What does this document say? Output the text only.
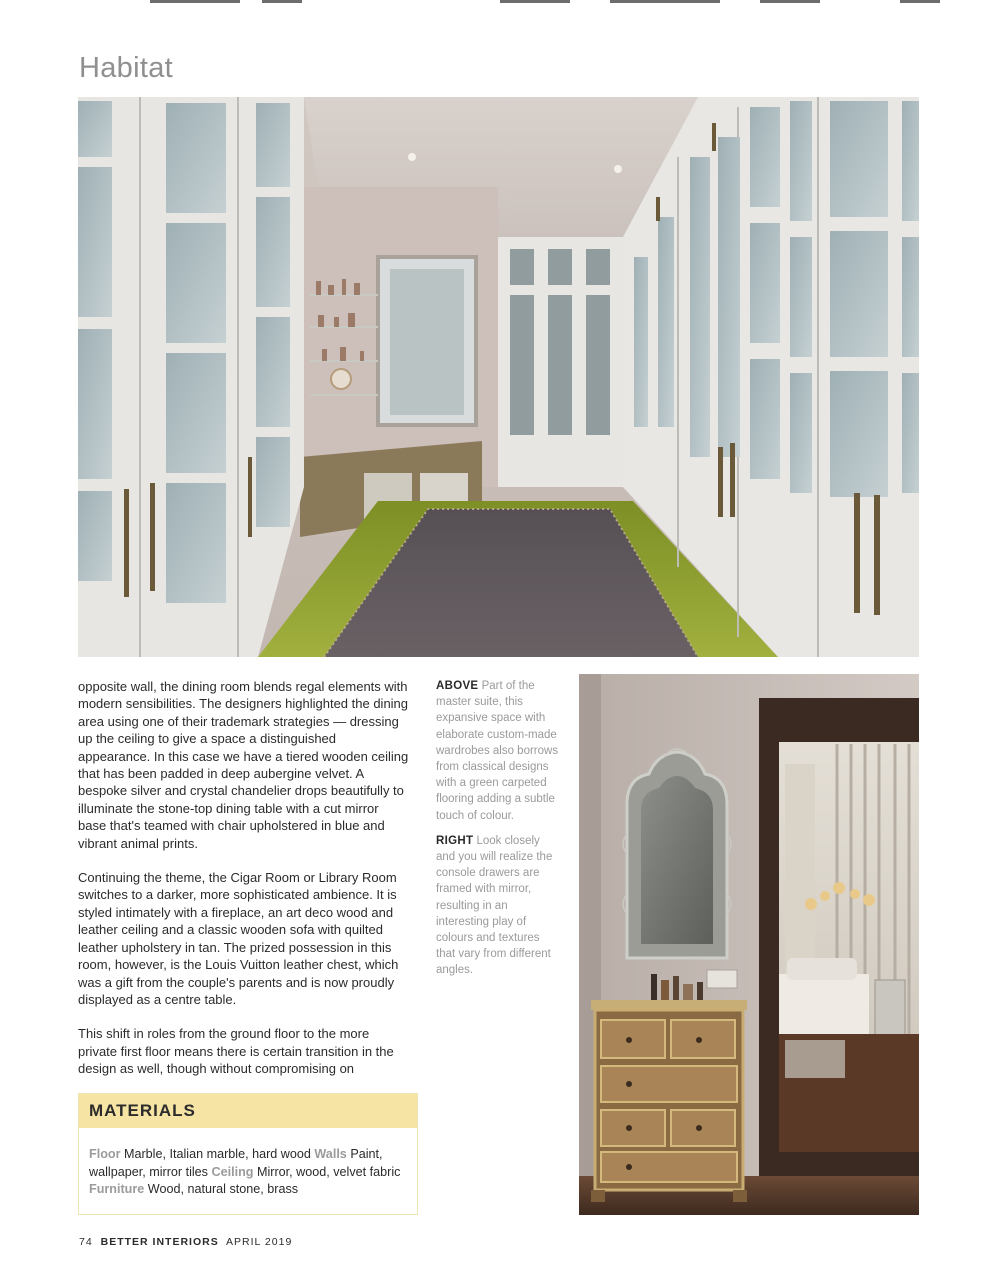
Habitat

opposite wall, the dining room blends regal elements with modern sensibilities. The designers highlighted the dining area using one of their trademark strategies — dressing up the ceiling to give a space a distinguished appearance. In this case we have a tiered wooden ceiling that has been padded in deep aubergine velvet. A bespoke silver and crystal chandelier drops beautifully to illuminate the stone-top dining table with a cut mirror base that's teamed with chair upholstered in blue and vibrant animal prints.

Continuing the theme, the Cigar Room or Library Room switches to a darker, more sophisticated ambience. It is styled intimately with a fireplace, an art deco wood and leather ceiling and a classic wooden sofa with quilted leather upholstery in tan. The prized possession in this room, however, is the Louis Vuitton leather chest, which was a gift from the couple's parents and is now proudly displayed as a centre table.

This shift in roles from the ground floor to the more private first floor means there is certain transition in the design as well, though without compromising on

ABOVE Part of the master suite, this expansive space with elaborate custom-made wardrobes also borrows from classical designs with a green carpeted flooring adding a subtle touch of colour.

RIGHT Look closely and you will realize the console drawers are framed with mirror, resulting in an interesting play of colours and textures that vary from different angles.

MATERIALS
Floor Marble, Italian marble, hard wood Walls Paint, wallpaper, mirror tiles Ceiling Mirror, wood, velvet fabric Furniture Wood, natural stone, brass
74 BETTER INTERIORS APRIL 2019
